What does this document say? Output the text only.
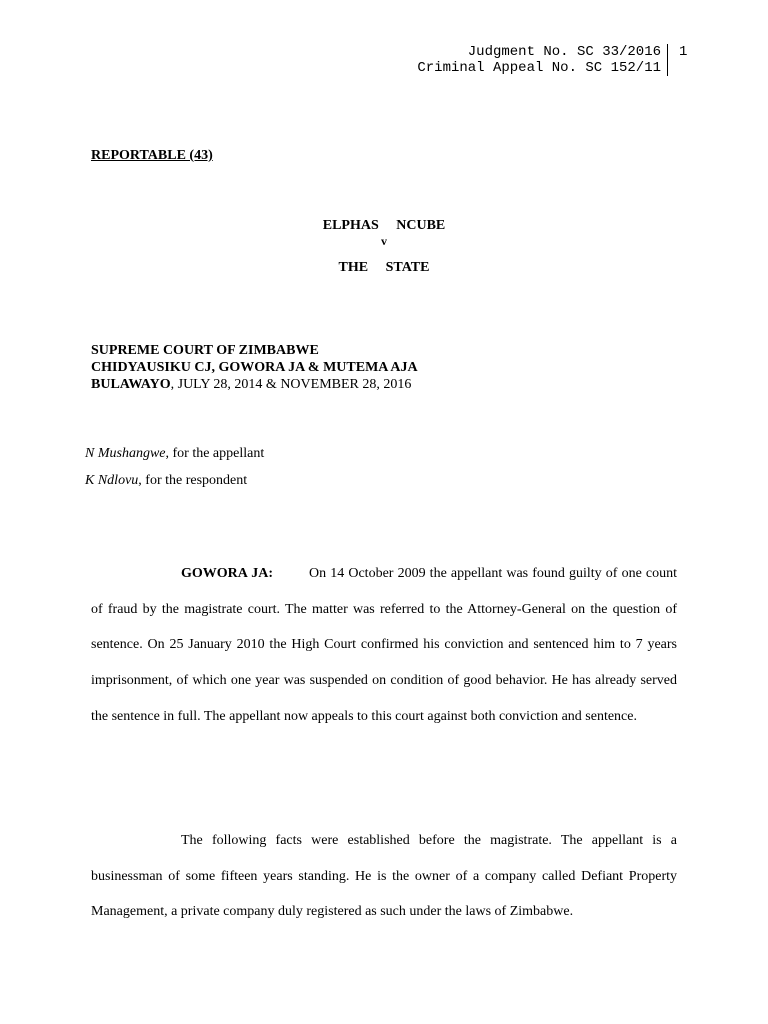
Judgment No. SC 33/2016
Criminal Appeal No. SC 152/11
1
REPORTABLE (43)
ELPHAS NCUBE
v
THE STATE
SUPREME COURT OF ZIMBABWE
CHIDYAUSIKU CJ, GOWORA JA & MUTEMA AJA
BULAWAYO, JULY 28, 2014 & NOVEMBER 28, 2016
N Mushangwe, for the appellant
K Ndlovu, for the respondent
GOWORA JA:	On 14 October 2009 the appellant was found guilty of one count of fraud by the magistrate court. The matter was referred to the Attorney-General on the question of sentence. On 25 January 2010 the High Court confirmed his conviction and sentenced him to 7 years imprisonment, of which one year was suspended on condition of good behavior. He has already served the sentence in full. The appellant now appeals to this court against both conviction and sentence.
The following facts were established before the magistrate. The appellant is a businessman of some fifteen years standing. He is the owner of a company called Defiant Property Management, a private company duly registered as such under the laws of Zimbabwe.
